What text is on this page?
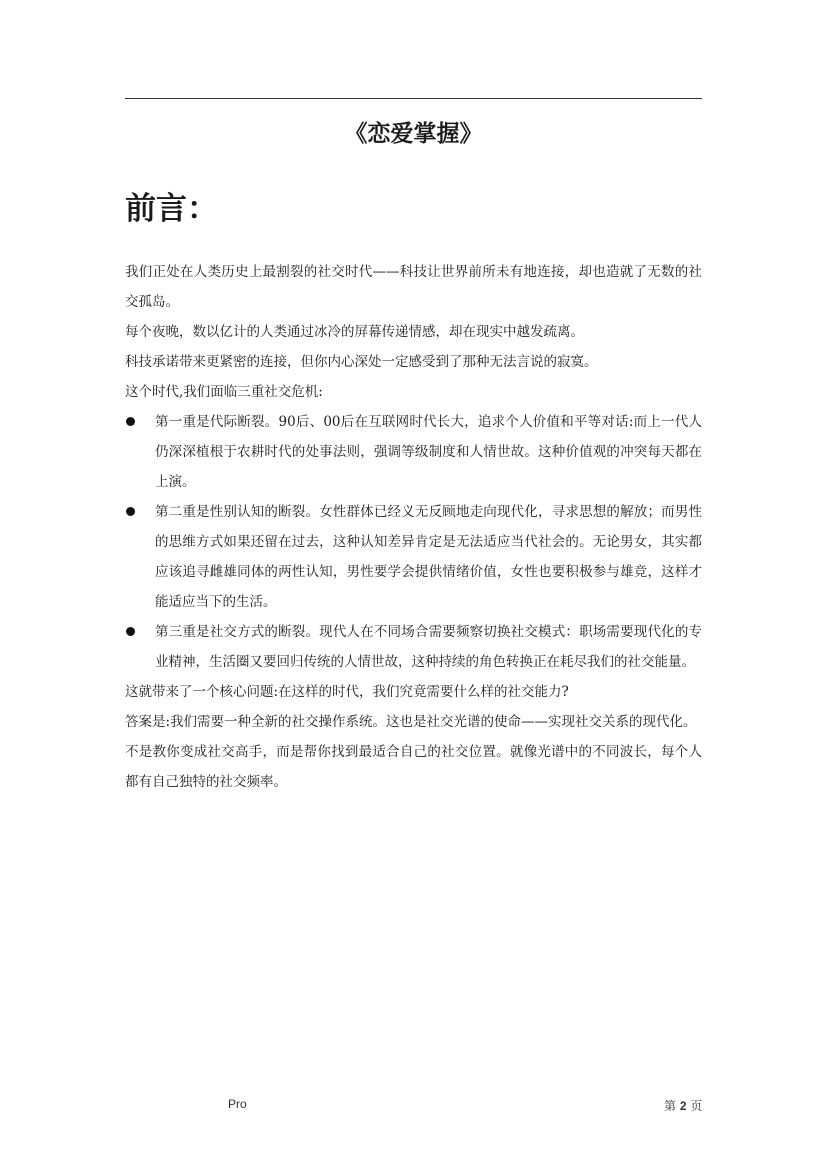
《恋爱掌握》
前言：

我们正处在人类历史上最割裂的社交时代——科技让世界前所未有地连接，却也造就了无数的社交孤岛。

每个夜晚，数以亿计的人类通过冰冷的屏幕传递情感，却在现实中越发疏离。

科技承诺带来更紧密的连接，但你内心深处一定感受到了那种无法言说的寂寞。

这个时代,我们面临三重社交危机:

第一重是代际断裂。90后、00后在互联网时代长大，追求个人价值和平等对话:而上一代人仍深深植根于农耕时代的处事法则，强调等级制度和人情世故。这种价值观的冲突每天都在上演。
第二重是性别认知的断裂。女性群体已经义无反顾地走向现代化，寻求思想的解放；而男性的思维方式如果还留在过去，这种认知差异肯定是无法适应当代社会的。无论男女，其实都应该追寻雌雄同体的两性认知，男性要学会提供情绪价值，女性也要积极参与雄竞，这样才能适应当下的生活。
第三重是社交方式的断裂。现代人在不同场合需要频察切换社交模式：职场需要现代化的专业精神，生活圈又要回归传统的人情世故，这种持续的角色转换正在耗尽我们的社交能量。

这就带来了一个核心问题:在这样的时代，我们究竟需要什么样的社交能力?

答案是:我们需要一种全新的社交操作系统。这也是社交光谱的使命——实现社交关系的现代化。

不是教你变成社交高手，而是帮你找到最适合自己的社交位置。就像光谱中的不同波长，每个人都有自己独特的社交频率。

Pro	第 2 页
